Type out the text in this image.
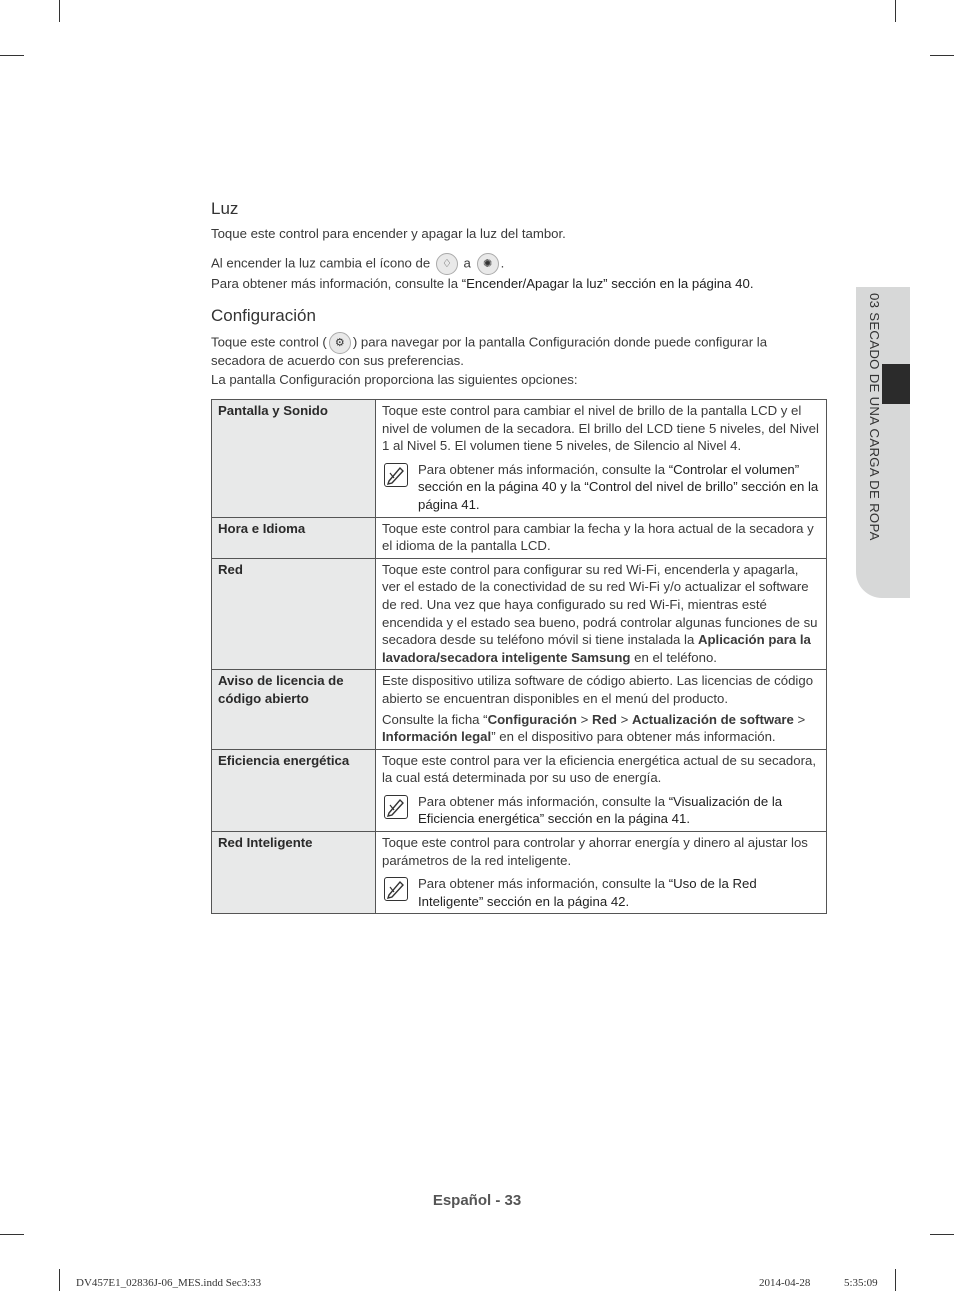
03 SECADO DE UNA CARGA DE ROPA
Luz

Toque este control para encender y apagar la luz del tambor.

Al encender la luz cambia el ícono de ♢ a ✺ .

Para obtener más información, consulte la “Encender/Apagar la luz” sección en la página 40.

Configuración

Toque este control ( ⚙ ) para navegar por la pantalla Configuración donde puede configurar la

secadora de acuerdo con sus preferencias.

La pantalla Configuración proporciona las siguientes opciones:

Pantalla y Sonido	Toque este control para cambiar el nivel de brillo de la pantalla LCD y el nivel de volumen de la secadora. El brillo del LCD tiene 5 niveles, del Nivel 1 al Nivel 5. El volumen tiene 5 niveles, de Silencio al Nivel 4.

Para obtener más información, consulte la “Controlar el volumen” sección en la página 40 y la “Control del nivel de brillo” sección en la página 41.

Hora e Idioma	Toque este control para cambiar la fecha y la hora actual de la secadora y el idioma de la pantalla LCD.

Red	Toque este control para configurar su red Wi-Fi, encenderla y apagarla, ver el estado de la conectividad de su red Wi-Fi y/o actualizar el software de red. Una vez que haya configurado su red Wi-Fi, mientras esté encendida y el estado sea bueno, podrá controlar algunas funciones de su secadora desde su teléfono móvil si tiene instalada la Aplicación para la lavadora/secadora inteligente Samsung en el teléfono.

Aviso de licencia de código abierto	Este dispositivo utiliza software de código abierto. Las licencias de código abierto se encuentran disponibles en el menú del producto.

Consulte la ficha “Configuración > Red > Actualización de software > Información legal” en el dispositivo para obtener más información.

Eficiencia energética	Toque este control para ver la eficiencia energética actual de su secadora, la cual está determinada por su uso de energía.

Para obtener más información, consulte la “Visualización de la Eficiencia energética” sección en la página 41.

Red Inteligente	Toque este control para controlar y ahorrar energía y dinero al ajustar los parámetros de la red inteligente.

Para obtener más información, consulte la “Uso de la Red Inteligente” sección en la página 42.

Español - 33
DV457E1_02836J-06_MES.indd Sec3:33	2014-04-28	5:35:09
